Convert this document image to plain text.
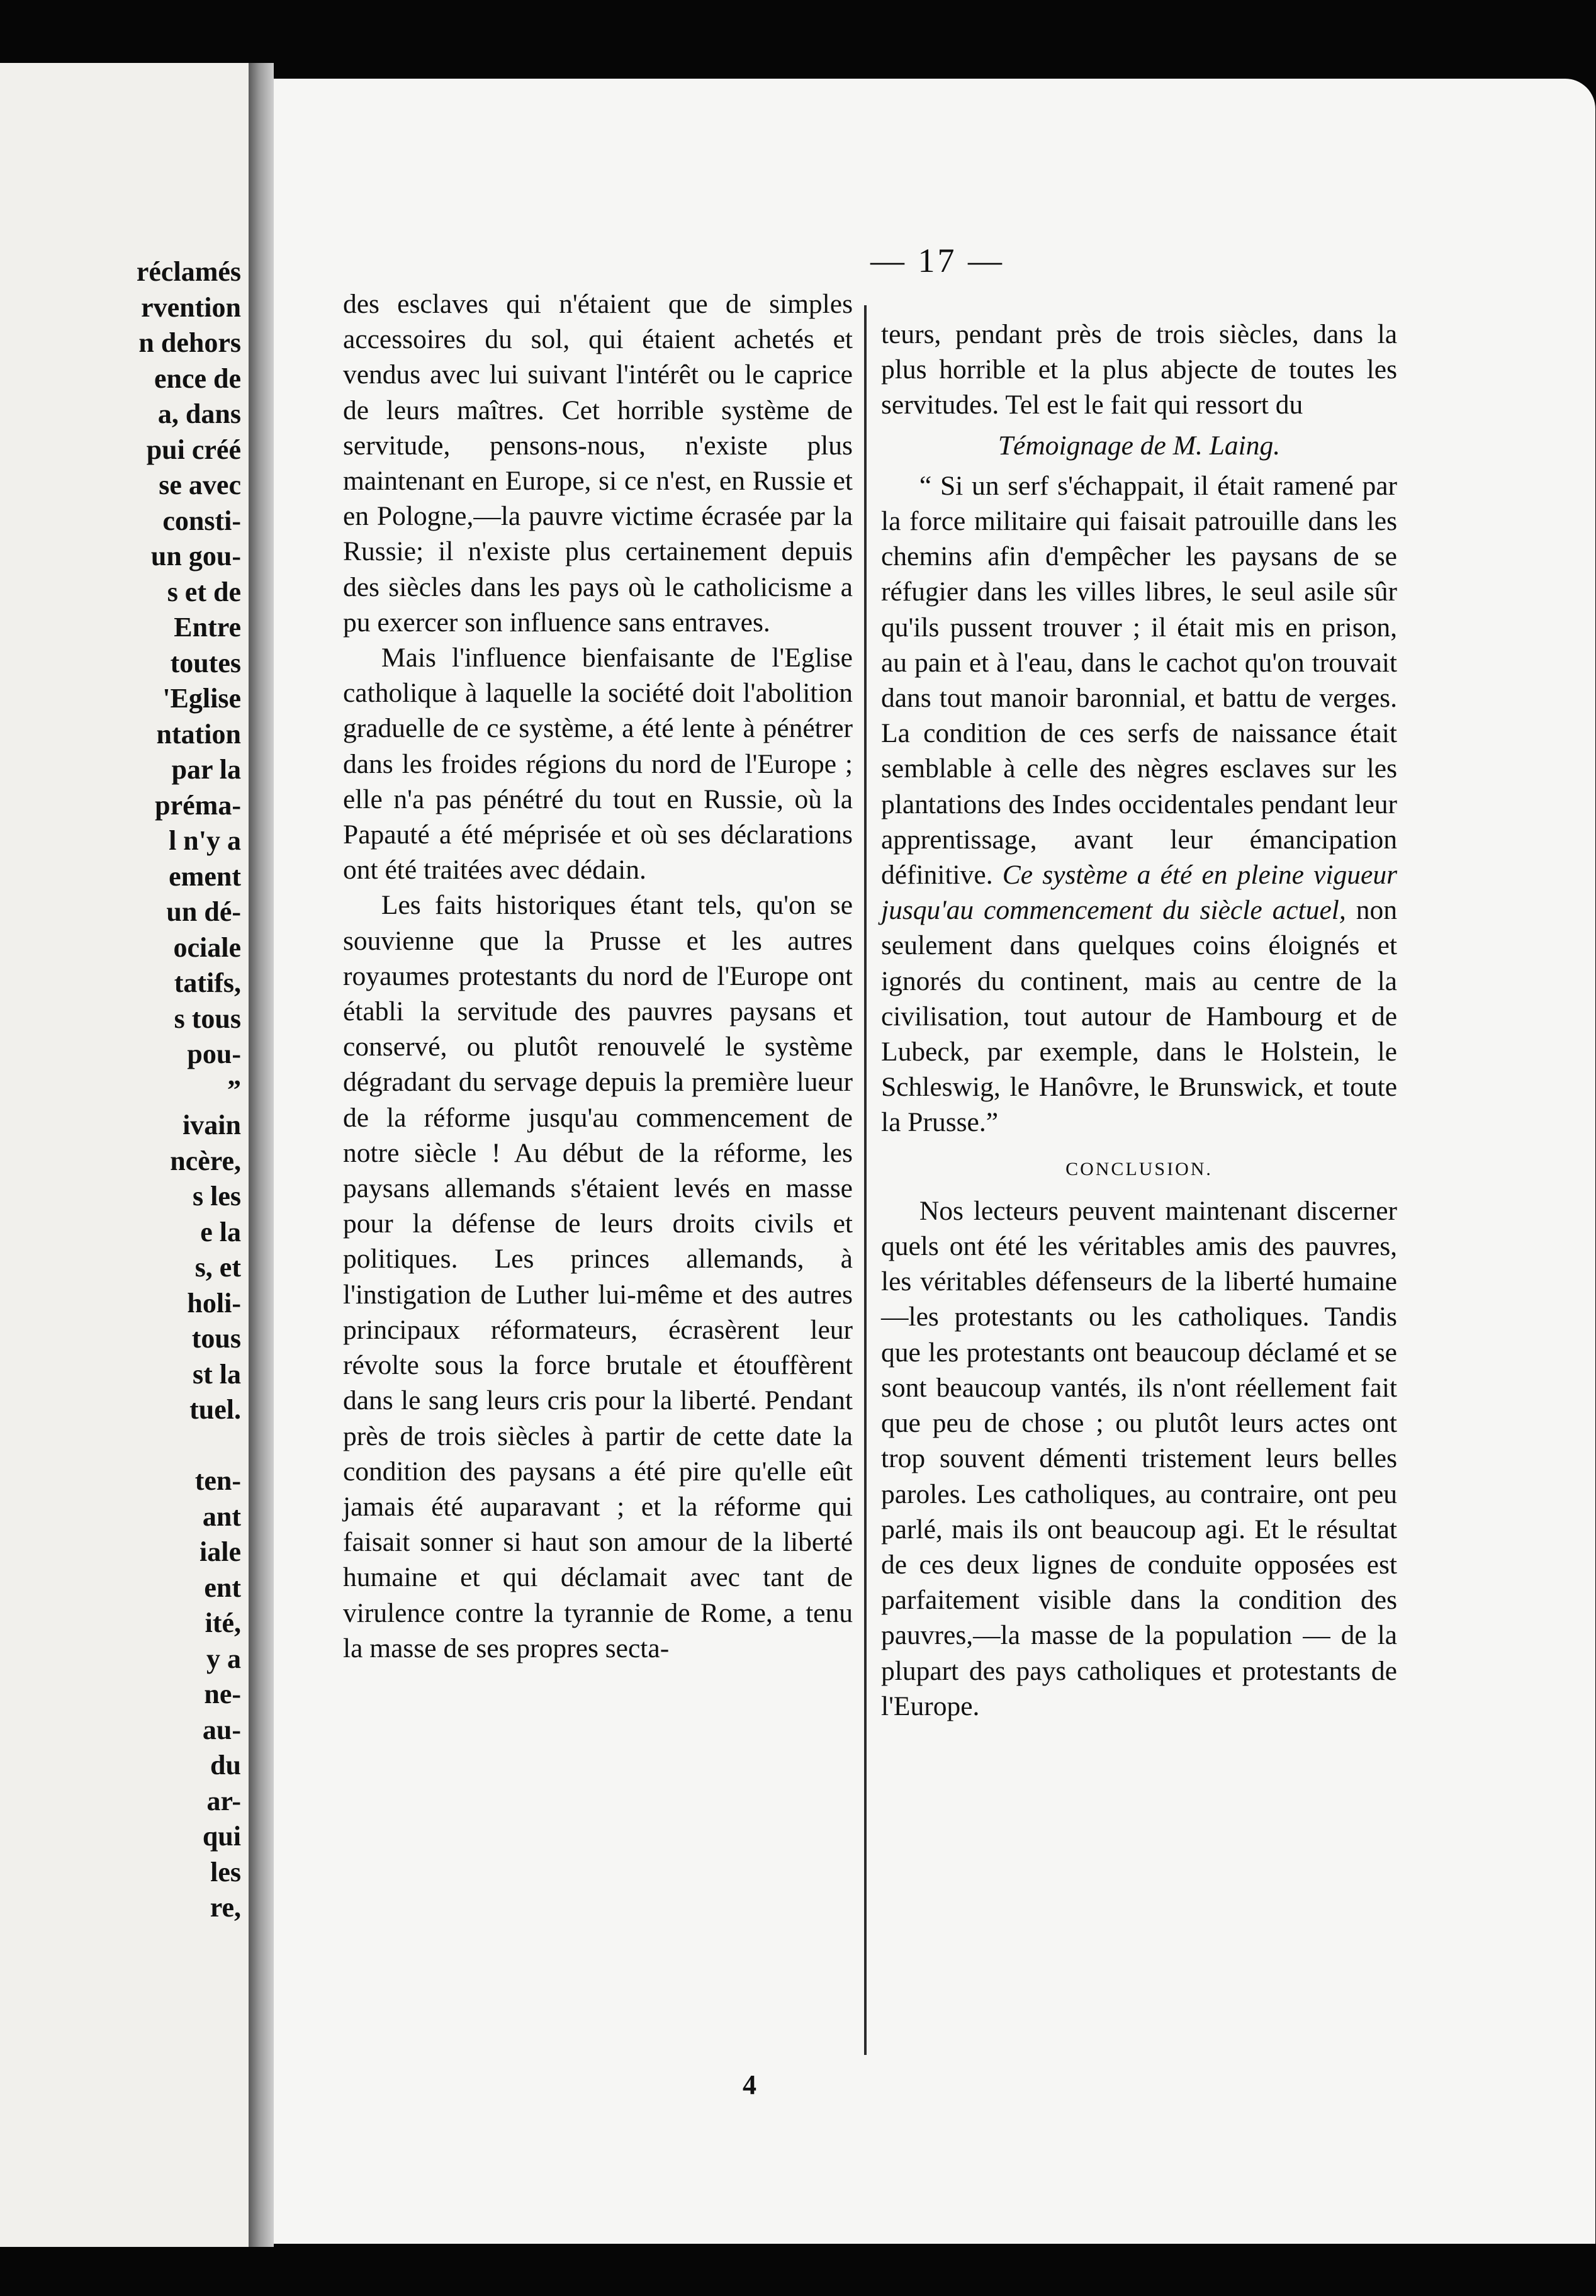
réclamés
rvention
n dehors
ence de
a, dans
pui créé
se avec
consti-
un gou-
s et de
Entre
toutes
'Eglise
ntation
par la
préma-
l n'y a
ement
un dé-
ociale
tatifs,
s tous
pou-
”
ivain
ncère,
s les
e la
s, et
holi-
tous
st la
tuel.
ten-
ant
iale
ent
ité,
y a
ne-
au-
du
ar-
qui
les
re,
— 17 —

des esclaves qui n'étaient que de simples accessoires du sol, qui étaient achetés et vendus avec lui suivant l'intérêt ou le caprice de leurs maîtres. Cet horrible système de servitude, pensons-nous, n'existe plus maintenant en Europe, si ce n'est, en Russie et en Pologne,—la pauvre victime écrasée par la Russie; il n'existe plus certainement depuis des siècles dans les pays où le catholicisme a pu exercer son influence sans entraves.

Mais l'influence bienfaisante de l'Eglise catholique à laquelle la société doit l'abolition graduelle de ce système, a été lente à pénétrer dans les froides régions du nord de l'Europe ; elle n'a pas pénétré du tout en Russie, où la Papauté a été méprisée et où ses déclarations ont été traitées avec dédain.

Les faits historiques étant tels, qu'on se souvienne que la Prusse et les autres royaumes protestants du nord de l'Europe ont établi la servitude des pauvres paysans et conservé, ou plutôt renouvelé le système dégradant du servage depuis la première lueur de la réforme jusqu'au commencement de notre siècle ! Au début de la réforme, les paysans allemands s'étaient levés en masse pour la défense de leurs droits civils et politiques. Les princes allemands, à l'instigation de Luther lui-même et des autres principaux réformateurs, écrasèrent leur révolte sous la force brutale et étouffèrent dans le sang leurs cris pour la liberté. Pendant près de trois siècles à partir de cette date la condition des paysans a été pire qu'elle eût jamais été auparavant ; et la réforme qui faisait sonner si haut son amour de la liberté humaine et qui déclamait avec tant de virulence contre la tyrannie de Rome, a tenu la masse de ses propres secta-

teurs, pendant près de trois siècles, dans la plus horrible et la plus abjecte de toutes les servitudes. Tel est le fait qui ressort du

Témoignage de M. Laing.

“ Si un serf s'échappait, il était ramené par la force militaire qui faisait patrouille dans les chemins afin d'empêcher les paysans de se réfugier dans les villes libres, le seul asile sûr qu'ils pussent trouver ; il était mis en prison, au pain et à l'eau, dans le cachot qu'on trouvait dans tout manoir baronnial, et battu de verges. La condition de ces serfs de naissance était semblable à celle des nègres esclaves sur les plantations des Indes occidentales pendant leur apprentissage, avant leur émancipation définitive. Ce système a été en pleine vigueur jusqu'au commencement du siècle actuel, non seulement dans quelques coins éloignés et ignorés du continent, mais au centre de la civilisation, tout autour de Hambourg et de Lubeck, par exemple, dans le Holstein, le Schleswig, le Hanôvre, le Brunswick, et toute la Prusse.”

CONCLUSION.

Nos lecteurs peuvent maintenant discerner quels ont été les véritables amis des pauvres, les véritables défenseurs de la liberté humaine—les protestants ou les catholiques. Tandis que les protestants ont beaucoup déclamé et se sont beaucoup vantés, ils n'ont réellement fait que peu de chose ; ou plutôt leurs actes ont trop souvent démenti tristement leurs belles paroles. Les catholiques, au contraire, ont peu parlé, mais ils ont beaucoup agi. Et le résultat de ces deux lignes de conduite opposées est parfaitement visible dans la condition des pauvres,—la masse de la population — de la plupart des pays catholiques et protestants de l'Europe.

4
